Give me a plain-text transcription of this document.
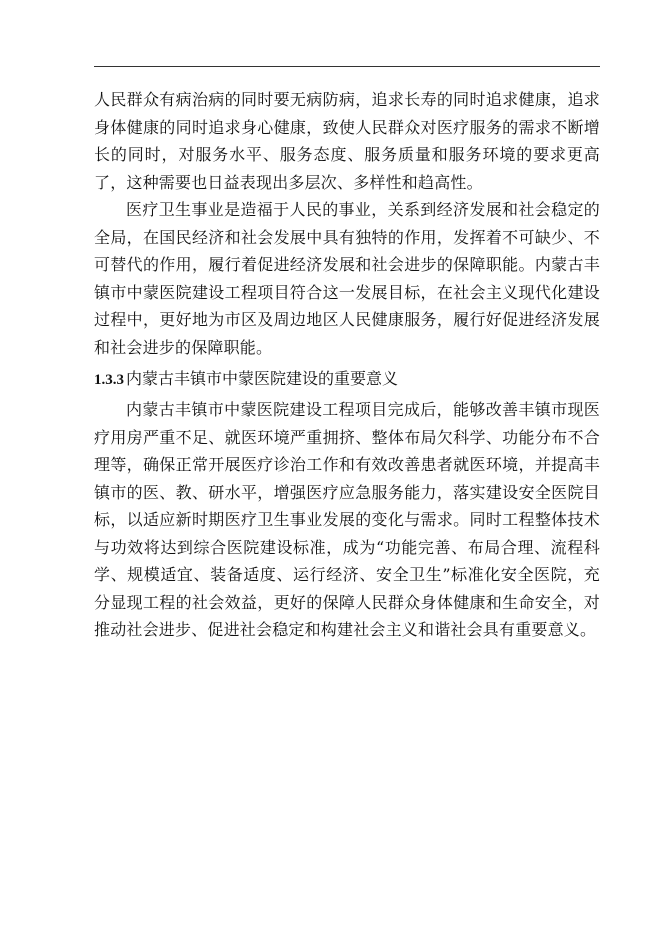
人民群众有病治病的同时要无病防病，追求长寿的同时追求健康，追求身体健康的同时追求身心健康，致使人民群众对医疗服务的需求不断增长的同时，对服务水平、服务态度、服务质量和服务环境的要求更高了，这种需要也日益表现出多层次、多样性和趋高性。

医疗卫生事业是造福于人民的事业，关系到经济发展和社会稳定的全局，在国民经济和社会发展中具有独特的作用，发挥着不可缺少、不可替代的作用，履行着促进经济发展和社会进步的保障职能。内蒙古丰镇市中蒙医院建设工程项目符合这一发展目标，在社会主义现代化建设过程中，更好地为市区及周边地区人民健康服务，履行好促进经济发展和社会进步的保障职能。

1.3.3 内蒙古丰镇市中蒙医院建设的重要意义

内蒙古丰镇市中蒙医院建设工程项目完成后，能够改善丰镇市现医疗用房严重不足、就医环境严重拥挤、整体布局欠科学、功能分布不合理等，确保正常开展医疗诊治工作和有效改善患者就医环境，并提高丰镇市的医、教、研水平，增强医疗应急服务能力，落实建设安全医院目标，以适应新时期医疗卫生事业发展的变化与需求。同时工程整体技术与功效将达到综合医院建设标准，成为“功能完善、布局合理、流程科学、规模适宜、装备适度、运行经济、安全卫生”标准化安全医院，充分显现工程的社会效益，更好的保障人民群众身体健康和生命安全，对推动社会进步、促进社会稳定和构建社会主义和谐社会具有重要意义。
